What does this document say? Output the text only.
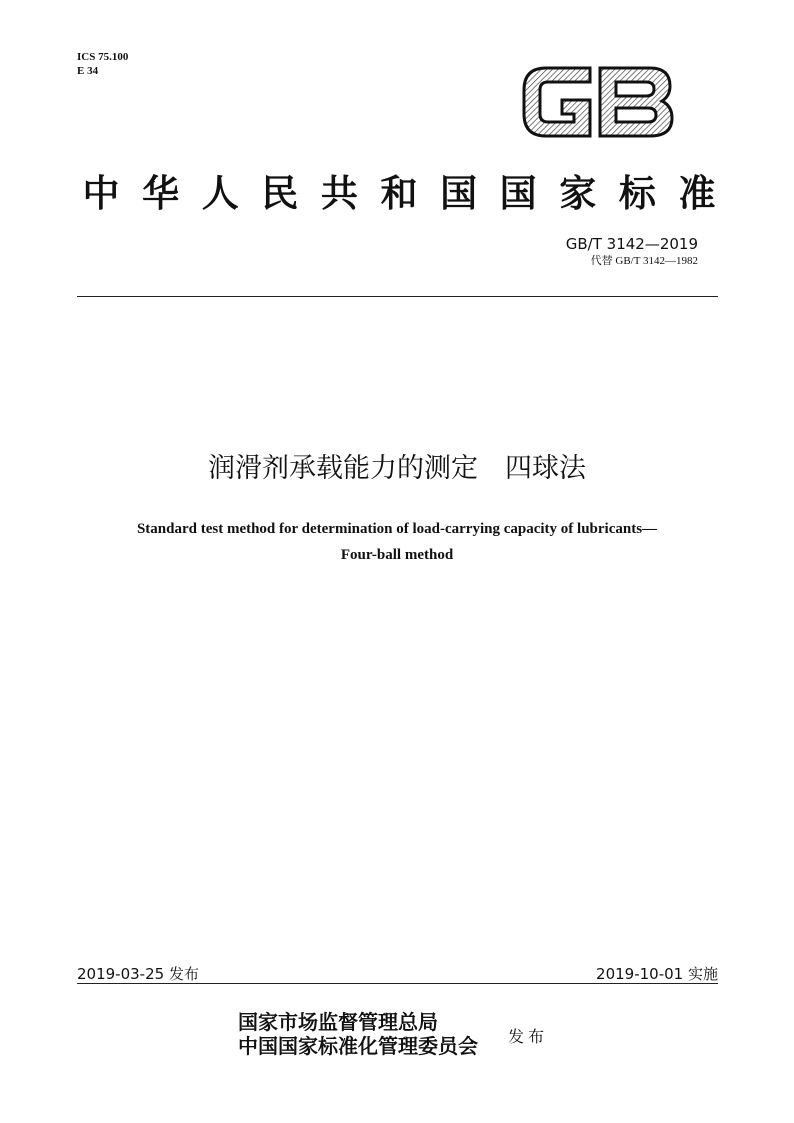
ICS 75.100
E 34
中 华 人 民 共 和 国 国 家 标 准
GB/T 3142—2019
代替 GB/T 3142—1982
润滑剂承载能力的测定　四球法
Standard test method for determination of load-carrying capacity of lubricants—
Four-ball method
2019-03-25 发布	2019-10-01 实施
国家市场监督管理总局
中国国家标准化管理委员会 发 布
